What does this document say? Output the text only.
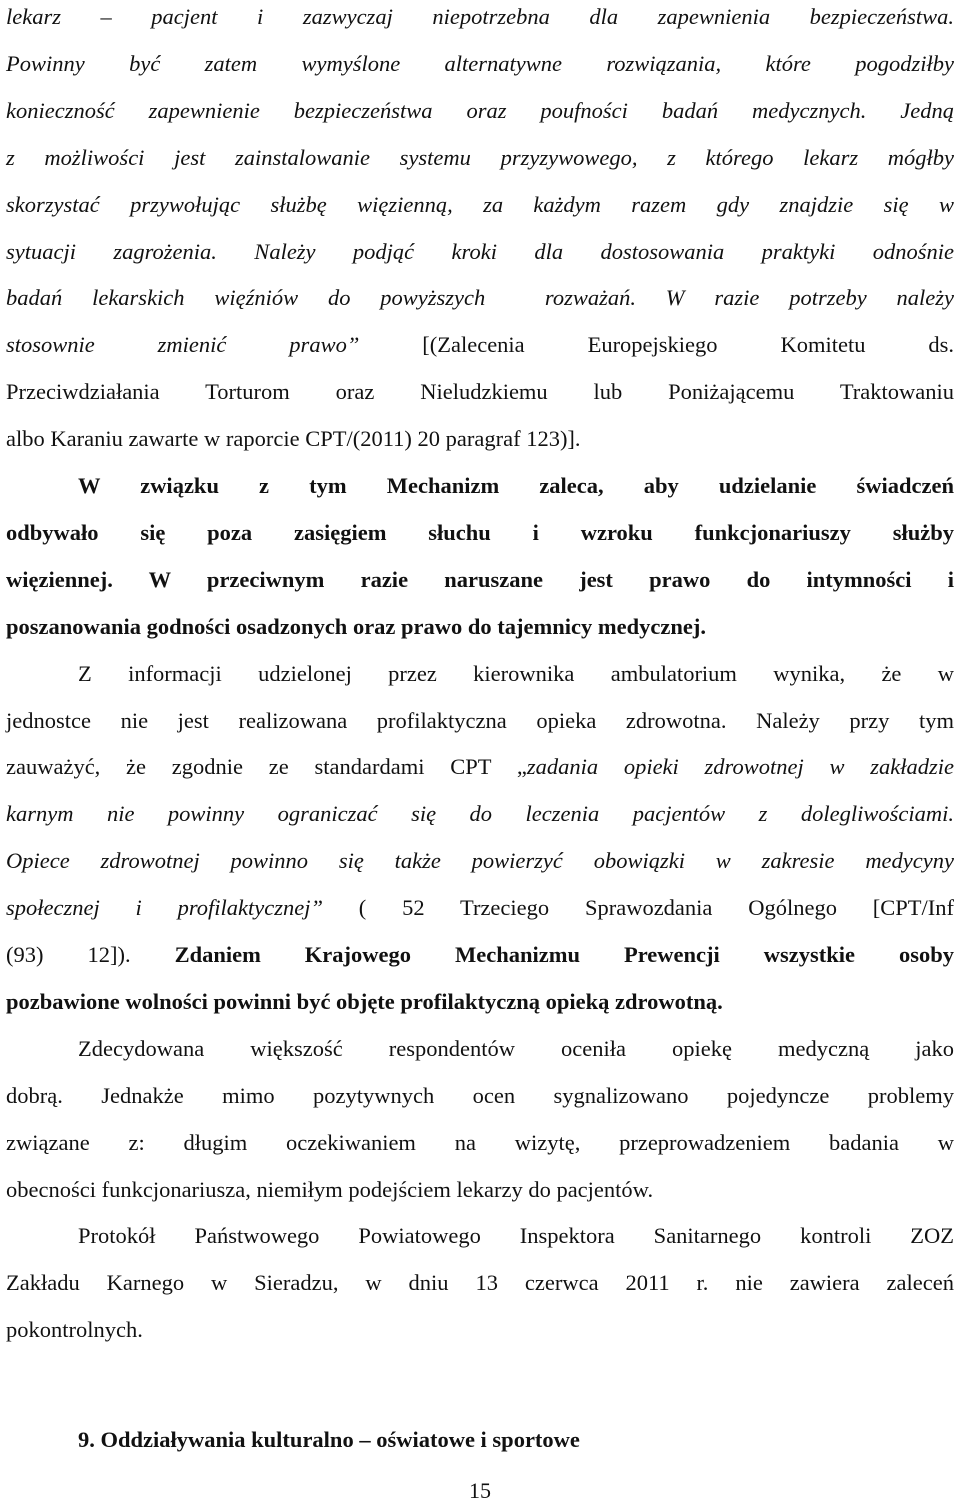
lekarz – pacjent i zazwyczaj niepotrzebna dla zapewnienia bezpieczeństwa.
Powinny być zatem wymyślone alternatywne rozwiązania, które pogodziłby
konieczność zapewnienie bezpieczeństwa oraz poufności badań medycznych. Jedną
z możliwości jest zainstalowanie systemu przyzywowego, z którego lekarz mógłby
skorzystać przywołując służbę więzienną, za każdym razem gdy znajdzie się w
sytuacji zagrożenia. Należy podjąć kroki dla dostosowania praktyki odnośnie
badań lekarskich więźniów do powyższych  rozważań. W razie potrzeby należy
stosownie zmienić prawo” [(Zalecenia Europejskiego Komitetu ds.
Przeciwdziałania Torturom oraz Nieludzkiemu lub Poniżającemu Traktowaniu
albo Karaniu zawarte w raporcie CPT/(2011) 20 paragraf 123)].
W związku z tym Mechanizm zaleca, aby udzielanie świadczeń
odbywało się poza zasięgiem słuchu i wzroku funkcjonariuszy służby
więziennej. W przeciwnym razie naruszane jest prawo do intymności i
poszanowania godności osadzonych oraz prawo do tajemnicy medycznej.
Z informacji udzielonej przez kierownika ambulatorium wynika, że w
jednostce nie jest realizowana profilaktyczna opieka zdrowotna. Należy przy tym
zauważyć, że zgodnie ze standardami CPT „zadania opieki zdrowotnej w zakładzie
karnym nie powinny ograniczać się do leczenia pacjentów z dolegliwościami.
Opiece zdrowotnej powinno się także powierzyć obowiązki w zakresie medycyny
społecznej i profilaktycznej” ( 52 Trzeciego Sprawozdania Ogólnego [CPT/Inf
(93) 12]). Zdaniem Krajowego Mechanizmu Prewencji wszystkie osoby
pozbawione wolności powinni być objęte profilaktyczną opieką zdrowotną.
Zdecydowana większość respondentów oceniła opiekę medyczną jako
dobrą. Jednakże mimo pozytywnych ocen sygnalizowano pojedyncze problemy
związane z: długim oczekiwaniem na wizytę, przeprowadzeniem badania w
obecności funkcjonariusza, niemiłym podejściem lekarzy do pacjentów.
Protokół Państwowego Powiatowego Inspektora Sanitarnego kontroli ZOZ
Zakładu Karnego w Sieradzu, w dniu 13 czerwca 2011 r. nie zawiera zaleceń
pokontrolnych.
9. Oddziaływania kulturalno – oświatowe i sportowe
15
